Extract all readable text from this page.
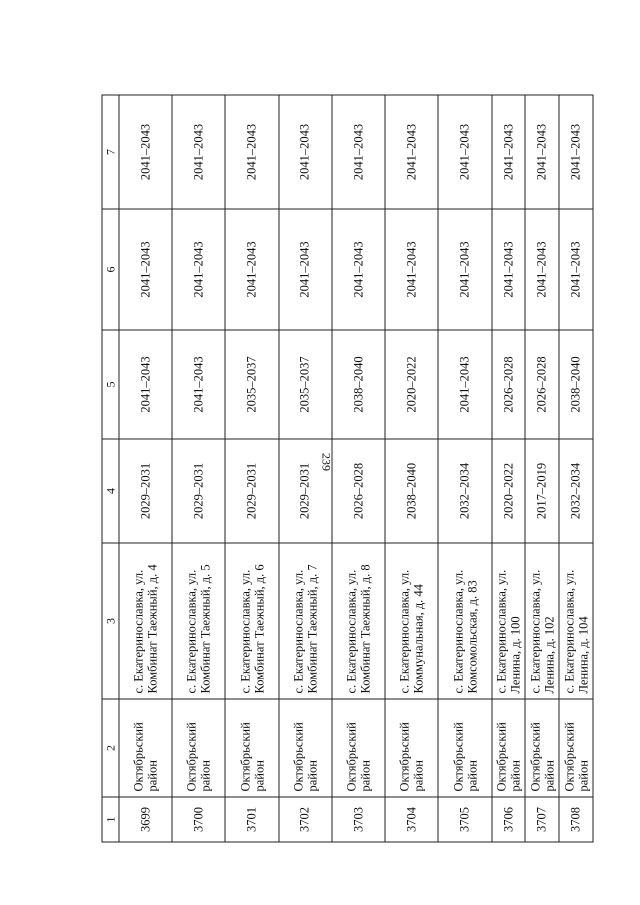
239
1	2	3	4	5	6	7
3699	Октябрьский район	с. Екатеринославка, ул. Комбинат Таежный, д. 4	2029–2031	2041–2043	2041–2043	2041–2043
3700	Октябрьский район	с. Екатеринославка, ул. Комбинат Таежный, д. 5	2029–2031	2041–2043	2041–2043	2041–2043
3701	Октябрьский район	с. Екатеринославка, ул. Комбинат Таежный, д. 6	2029–2031	2035–2037	2041–2043	2041–2043
3702	Октябрьский район	с. Екатеринославка, ул. Комбинат Таежный, д. 7	2029–2031	2035–2037	2041–2043	2041–2043
3703	Октябрьский район	с. Екатеринославка, ул. Комбинат Таежный, д. 8	2026–2028	2038–2040	2041–2043	2041–2043
3704	Октябрьский район	с. Екатеринославка, ул. Коммунальная, д. 44	2038–2040	2020–2022	2041–2043	2041–2043
3705	Октябрьский район	с. Екатеринославка, ул. Комсомольская, д. 83	2032–2034	2041–2043	2041–2043	2041–2043
3706	Октябрьский район	с. Екатеринославка, ул. Ленина, д. 100	2020–2022	2026–2028	2041–2043	2041–2043
3707	Октябрьский район	с. Екатеринославка, ул. Ленина, д. 102	2017–2019	2026–2028	2041–2043	2041–2043
3708	Октябрьский район	с. Екатеринославка, ул. Ленина, д. 104	2032–2034	2038–2040	2041–2043	2041–2043
